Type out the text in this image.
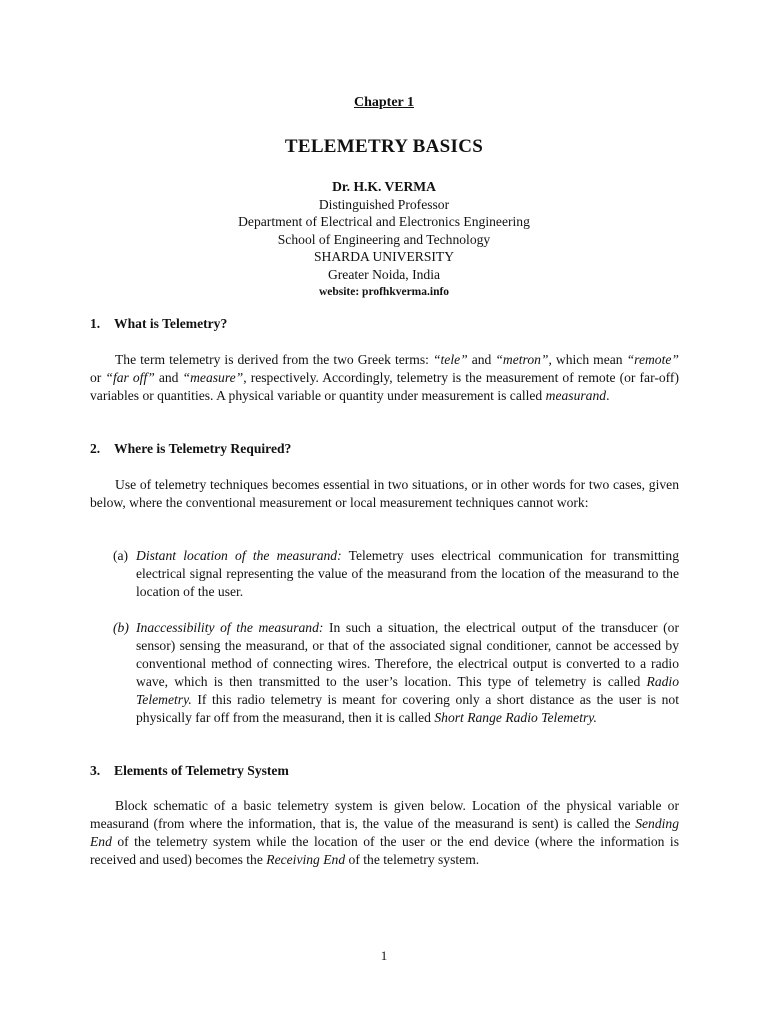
Chapter 1
TELEMETRY BASICS
Dr. H.K. VERMA
Distinguished Professor
Department of Electrical and Electronics Engineering
School of Engineering and Technology
SHARDA UNIVERSITY
Greater Noida, India
website: profhkverma.info
1. What is Telemetry?
The term telemetry is derived from the two Greek terms: “tele” and “metron”, which mean “remote” or “far off” and “measure”, respectively. Accordingly, telemetry is the measurement of remote (or far-off) variables or quantities. A physical variable or quantity under measurement is called measurand.
2. Where is Telemetry Required?
Use of telemetry techniques becomes essential in two situations, or in other words for two cases, given below, where the conventional measurement or local measurement techniques cannot work:
(a) Distant location of the measurand: Telemetry uses electrical communication for transmitting electrical signal representing the value of the measurand from the location of the measurand to the location of the user.
(b) Inaccessibility of the measurand: In such a situation, the electrical output of the transducer (or sensor) sensing the measurand, or that of the associated signal conditioner, cannot be accessed by conventional method of connecting wires. Therefore, the electrical output is converted to a radio wave, which is then transmitted to the user’s location. This type of telemetry is called Radio Telemetry. If this radio telemetry is meant for covering only a short distance as the user is not physically far off from the measurand, then it is called Short Range Radio Telemetry.
3. Elements of Telemetry System
Block schematic of a basic telemetry system is given below. Location of the physical variable or measurand (from where the information, that is, the value of the measurand is sent) is called the Sending End of the telemetry system while the location of the user or the end device (where the information is received and used) becomes the Receiving End of the telemetry system.
1
